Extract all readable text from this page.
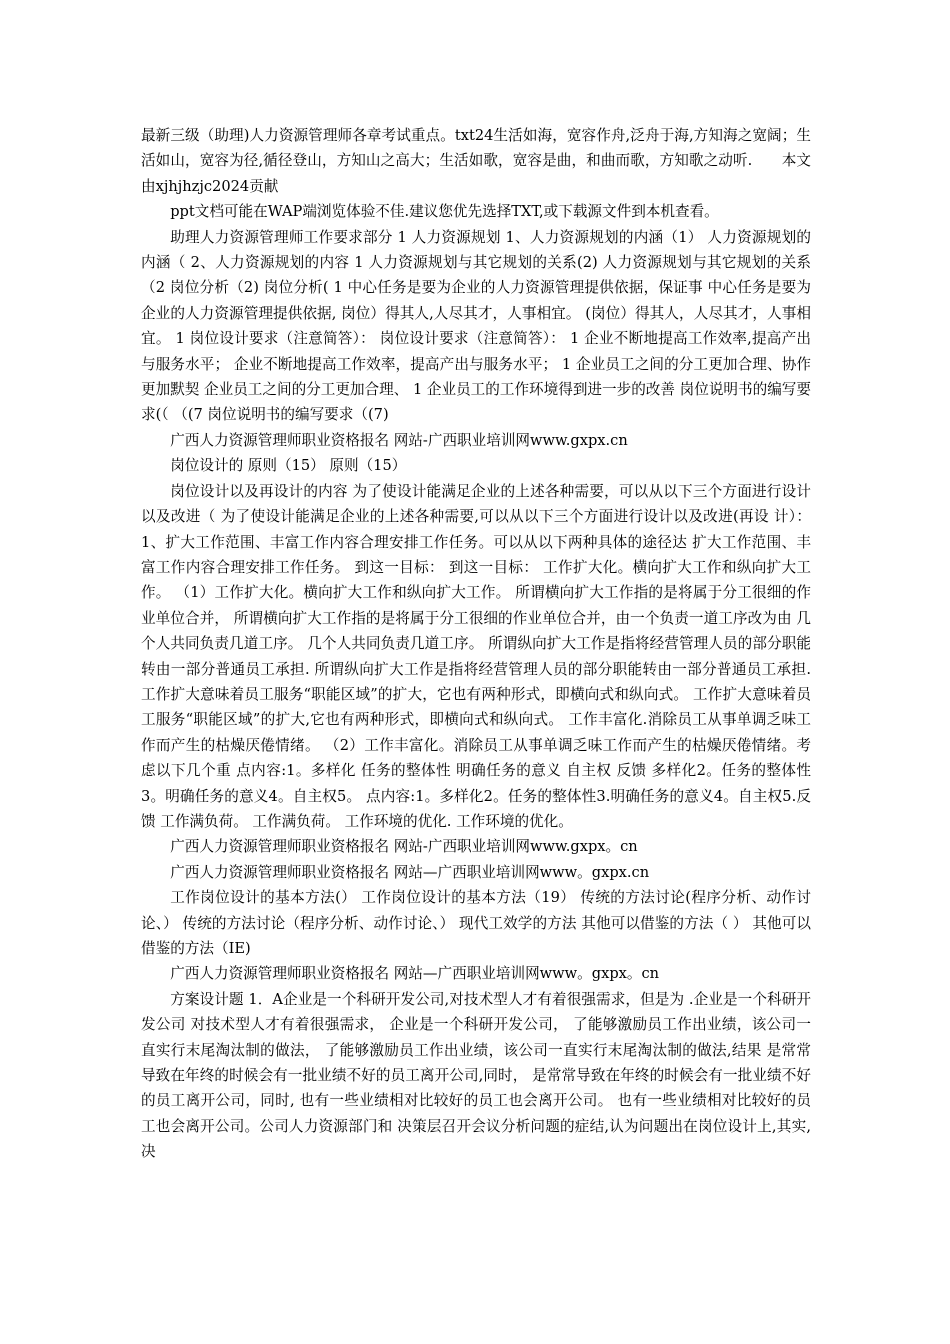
最新三级（助理)人力资源管理师各章考试重点。txt24生活如海，宽容作舟,泛舟于海,方知海之宽阔；生活如山，宽容为径,循径登山，方知山之高大；生活如歌，宽容是曲，和曲而歌，方知歌之动听.　　本文由xjhjhzjc2024贡献

ppt文档可能在WAP端浏览体验不佳.建议您优先选择TXT,或下载源文件到本机查看。

助理人力资源管理师工作要求部分 1 人力资源规划 1、人力资源规划的内涵（1） 人力资源规划的内涵（ 2、人力资源规划的内容 1 人力资源规划与其它规划的关系(2) 人力资源规划与其它规划的关系（2 岗位分析（2) 岗位分析( 1 中心任务是要为企业的人力资源管理提供依据，保证事 中心任务是要为企业的人力资源管理提供依据, 岗位）得其人,人尽其才，人事相宜。 (岗位）得其人，人尽其才，人事相宜。 1 岗位设计要求（注意简答）： 岗位设计要求（注意简答）： 1 企业不断地提高工作效率,提高产出与服务水平； 企业不断地提高工作效率，提高产出与服务水平； 1 企业员工之间的分工更加合理、协作更加默契 企业员工之间的分工更加合理、 1 企业员工的工作环境得到进一步的改善 岗位说明书的编写要求(（ （(7 岗位说明书的编写要求（(7)

广西人力资源管理师职业资格报名 网站-广西职业培训网www.gxpx.cn

岗位设计的 原则（15） 原则（15）

岗位设计以及再设计的内容 为了使设计能满足企业的上述各种需要，可以从以下三个方面进行设计以及改进（ 为了使设计能满足企业的上述各种需要,可以从以下三个方面进行设计以及改进(再设 计）： 1、扩大工作范围、丰富工作内容合理安排工作任务。可以从以下两种具体的途径达 扩大工作范围、丰富工作内容合理安排工作任务。 到这一目标： 到这一目标： 工作扩大化。横向扩大工作和纵向扩大工作。 （1）工作扩大化。横向扩大工作和纵向扩大工作。 所谓横向扩大工作指的是将属于分工很细的作业单位合并， 所谓横向扩大工作指的是将属于分工很细的作业单位合并，由一个负责一道工序改为由 几个人共同负责几道工序。 几个人共同负责几道工序。 所谓纵向扩大工作是指将经营管理人员的部分职能转由一部分普通员工承担. 所谓纵向扩大工作是指将经营管理人员的部分职能转由一部分普通员工承担. 工作扩大意味着员工服务“职能区域”的扩大，它也有两种形式，即横向式和纵向式。 工作扩大意味着员工服务“职能区域”的扩大,它也有两种形式，即横向式和纵向式。 工作丰富化.消除员工从事单调乏味工作而产生的枯燥厌倦情绪。 （2）工作丰富化。消除员工从事单调乏味工作而产生的枯燥厌倦情绪。考虑以下几个重 点内容:1。多样化 任务的整体性 明确任务的意义 自主权 反馈 多样化2。任务的整体性3。明确任务的意义4。自主权5。 点内容:1。多样化2。任务的整体性3.明确任务的意义4。自主权5.反馈 工作满负荷。 工作满负荷。 工作环境的优化. 工作环境的优化。

广西人力资源管理师职业资格报名 网站-广西职业培训网www.gxpx。cn

广西人力资源管理师职业资格报名 网站—广西职业培训网www。gxpx.cn

工作岗位设计的基本方法(） 工作岗位设计的基本方法（19） 传统的方法讨论(程序分析、动作讨论、） 传统的方法讨论（程序分析、动作讨论、） 现代工效学的方法 其他可以借鉴的方法（ ） 其他可以借鉴的方法（IE)

广西人力资源管理师职业资格报名 网站—广西职业培训网www。gxpx。cn

方案设计题 1．A企业是一个科研开发公司,对技术型人才有着很强需求，但是为 .企业是一个科研开发公司 对技术型人才有着很强需求， 企业是一个科研开发公司， 了能够激励员工作出业绩，该公司一直实行末尾淘汰制的做法， 了能够激励员工作出业绩，该公司一直实行末尾淘汰制的做法,结果 是常常导致在年终的时候会有一批业绩不好的员工离开公司,同时， 是常常导致在年终的时候会有一批业绩不好的员工离开公司，同时, 也有一些业绩相对比较好的员工也会离开公司。 也有一些业绩相对比较好的员工也会离开公司。公司人力资源部门和 决策层召开会议分析问题的症结,认为问题出在岗位设计上,其实, 决
